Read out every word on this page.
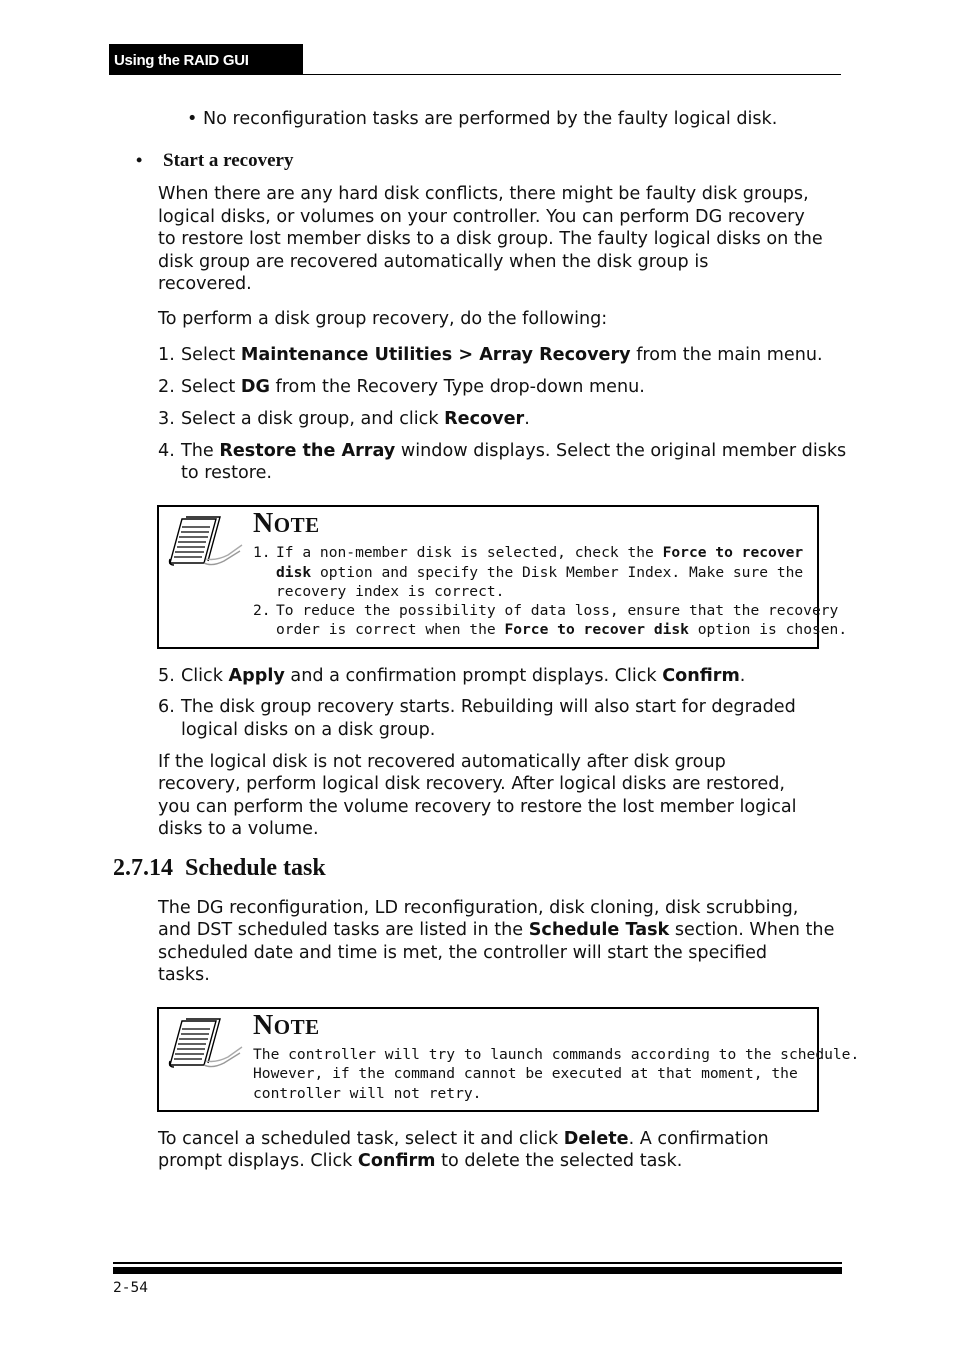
Using the RAID GUI
• No reconfiguration tasks are performed by the faulty logical disk.
• Start a recovery
When there are any hard disk conflicts, there might be faulty disk groups,
logical disks, or volumes on your controller. You can perform DG recovery
to restore lost member disks to a disk group. The faulty logical disks on the
disk group are recovered automatically when the disk group is
recovered.
To perform a disk group recovery, do the following:
1. Select Maintenance Utilities > Array Recovery from the main menu.
2. Select DG from the Recovery Type drop-down menu.
3. Select a disk group, and click Recover.
4. The Restore the Array window displays. Select the original member disks
to restore.
NOTE
1. If a non-member disk is selected, check the Force to recover
disk option and specify the Disk Member Index. Make sure the
recovery index is correct.
2. To reduce the possibility of data loss, ensure that the recovery
order is correct when the Force to recover disk option is chosen.
5. Click Apply and a confirmation prompt displays. Click Confirm.
6. The disk group recovery starts. Rebuilding will also start for degraded
logical disks on a disk group.
If the logical disk is not recovered automatically after disk group
recovery, perform logical disk recovery. After logical disks are restored,
you can perform the volume recovery to restore the lost member logical
disks to a volume.
2.7.14  Schedule task
The DG reconfiguration, LD reconfiguration, disk cloning, disk scrubbing,
and DST scheduled tasks are listed in the Schedule Task section. When the
scheduled date and time is met, the controller will start the specified
tasks.
NOTE
The controller will try to launch commands according to the schedule.
However, if the command cannot be executed at that moment, the
controller will not retry.
To cancel a scheduled task, select it and click Delete. A confirmation
prompt displays. Click Confirm to delete the selected task.
2-54
